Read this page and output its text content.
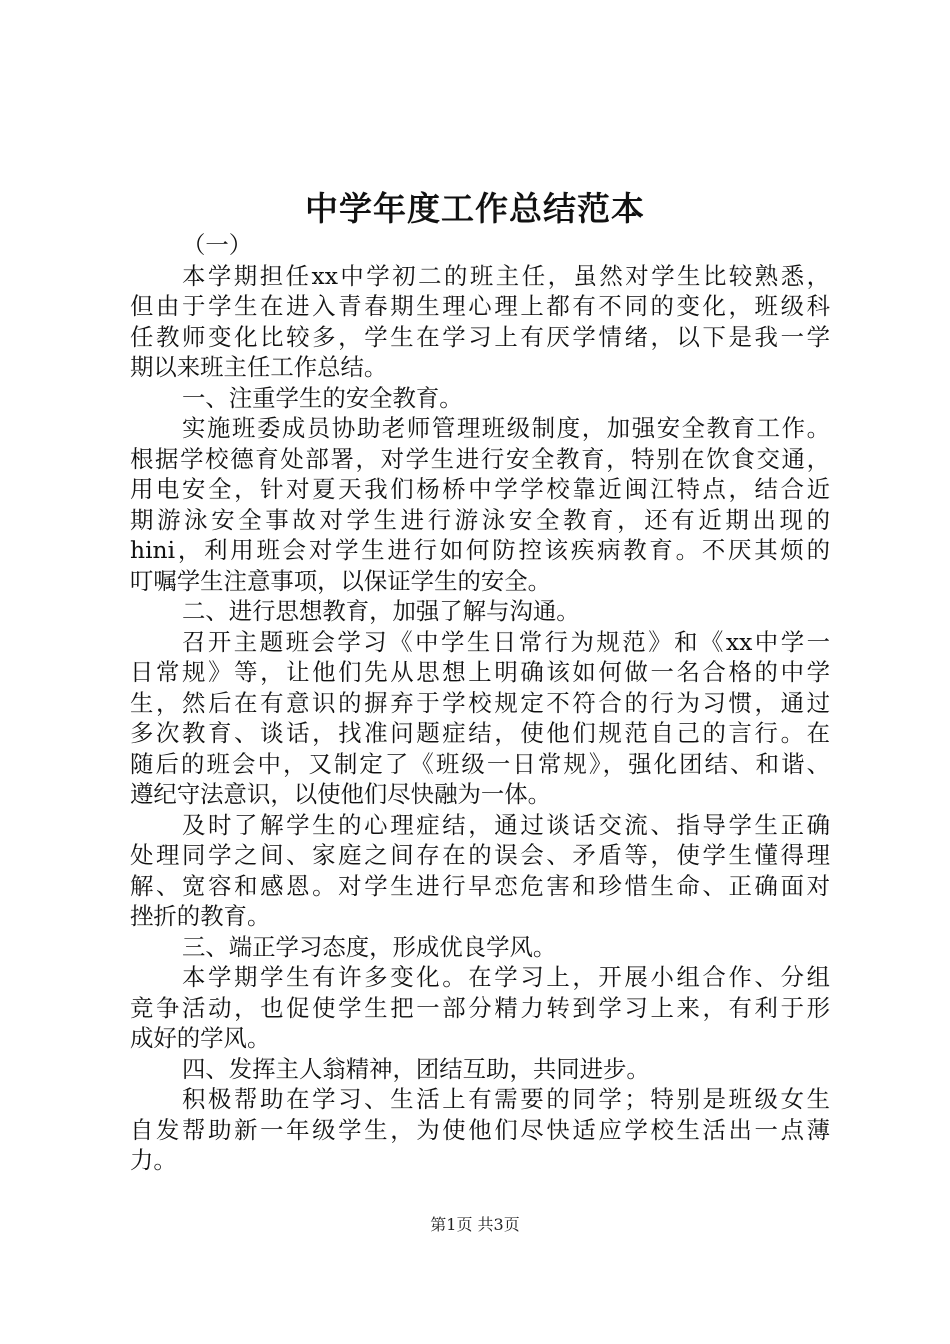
中学年度工作总结范本
（一）
本学期担任xx中学初二的班主任，虽然对学生比较熟悉，
但由于学生在进入青春期生理心理上都有不同的变化，班级科
任教师变化比较多，学生在学习上有厌学情绪，以下是我一学
期以来班主任工作总结。
一、注重学生的安全教育。
实施班委成员协助老师管理班级制度，加强安全教育工作。
根据学校德育处部署，对学生进行安全教育，特别在饮食交通，
用电安全，针对夏天我们杨桥中学学校靠近闽江特点，结合近
期游泳安全事故对学生进行游泳安全教育，还有近期出现的
hini，利用班会对学生进行如何防控该疾病教育。不厌其烦的
叮嘱学生注意事项，以保证学生的安全。
二、进行思想教育，加强了解与沟通。
召开主题班会学习《中学生日常行为规范》和《xx中学一
日常规》等，让他们先从思想上明确该如何做一名合格的中学
生，然后在有意识的摒弃于学校规定不符合的行为习惯，通过
多次教育、谈话，找准问题症结，使他们规范自己的言行。在
随后的班会中，又制定了《班级一日常规》，强化团结、和谐、
遵纪守法意识，以使他们尽快融为一体。
及时了解学生的心理症结，通过谈话交流、指导学生正确
处理同学之间、家庭之间存在的误会、矛盾等，使学生懂得理
解、宽容和感恩。对学生进行早恋危害和珍惜生命、正确面对
挫折的教育。
三、端正学习态度，形成优良学风。
本学期学生有许多变化。在学习上，开展小组合作、分组
竞争活动，也促使学生把一部分精力转到学习上来，有利于形
成好的学风。
四、发挥主人翁精神，团结互助，共同进步。
积极帮助在学习、生活上有需要的同学；特别是班级女生
自发帮助新一年级学生，为使他们尽快适应学校生活出一点薄
力。
第1页 共3页
